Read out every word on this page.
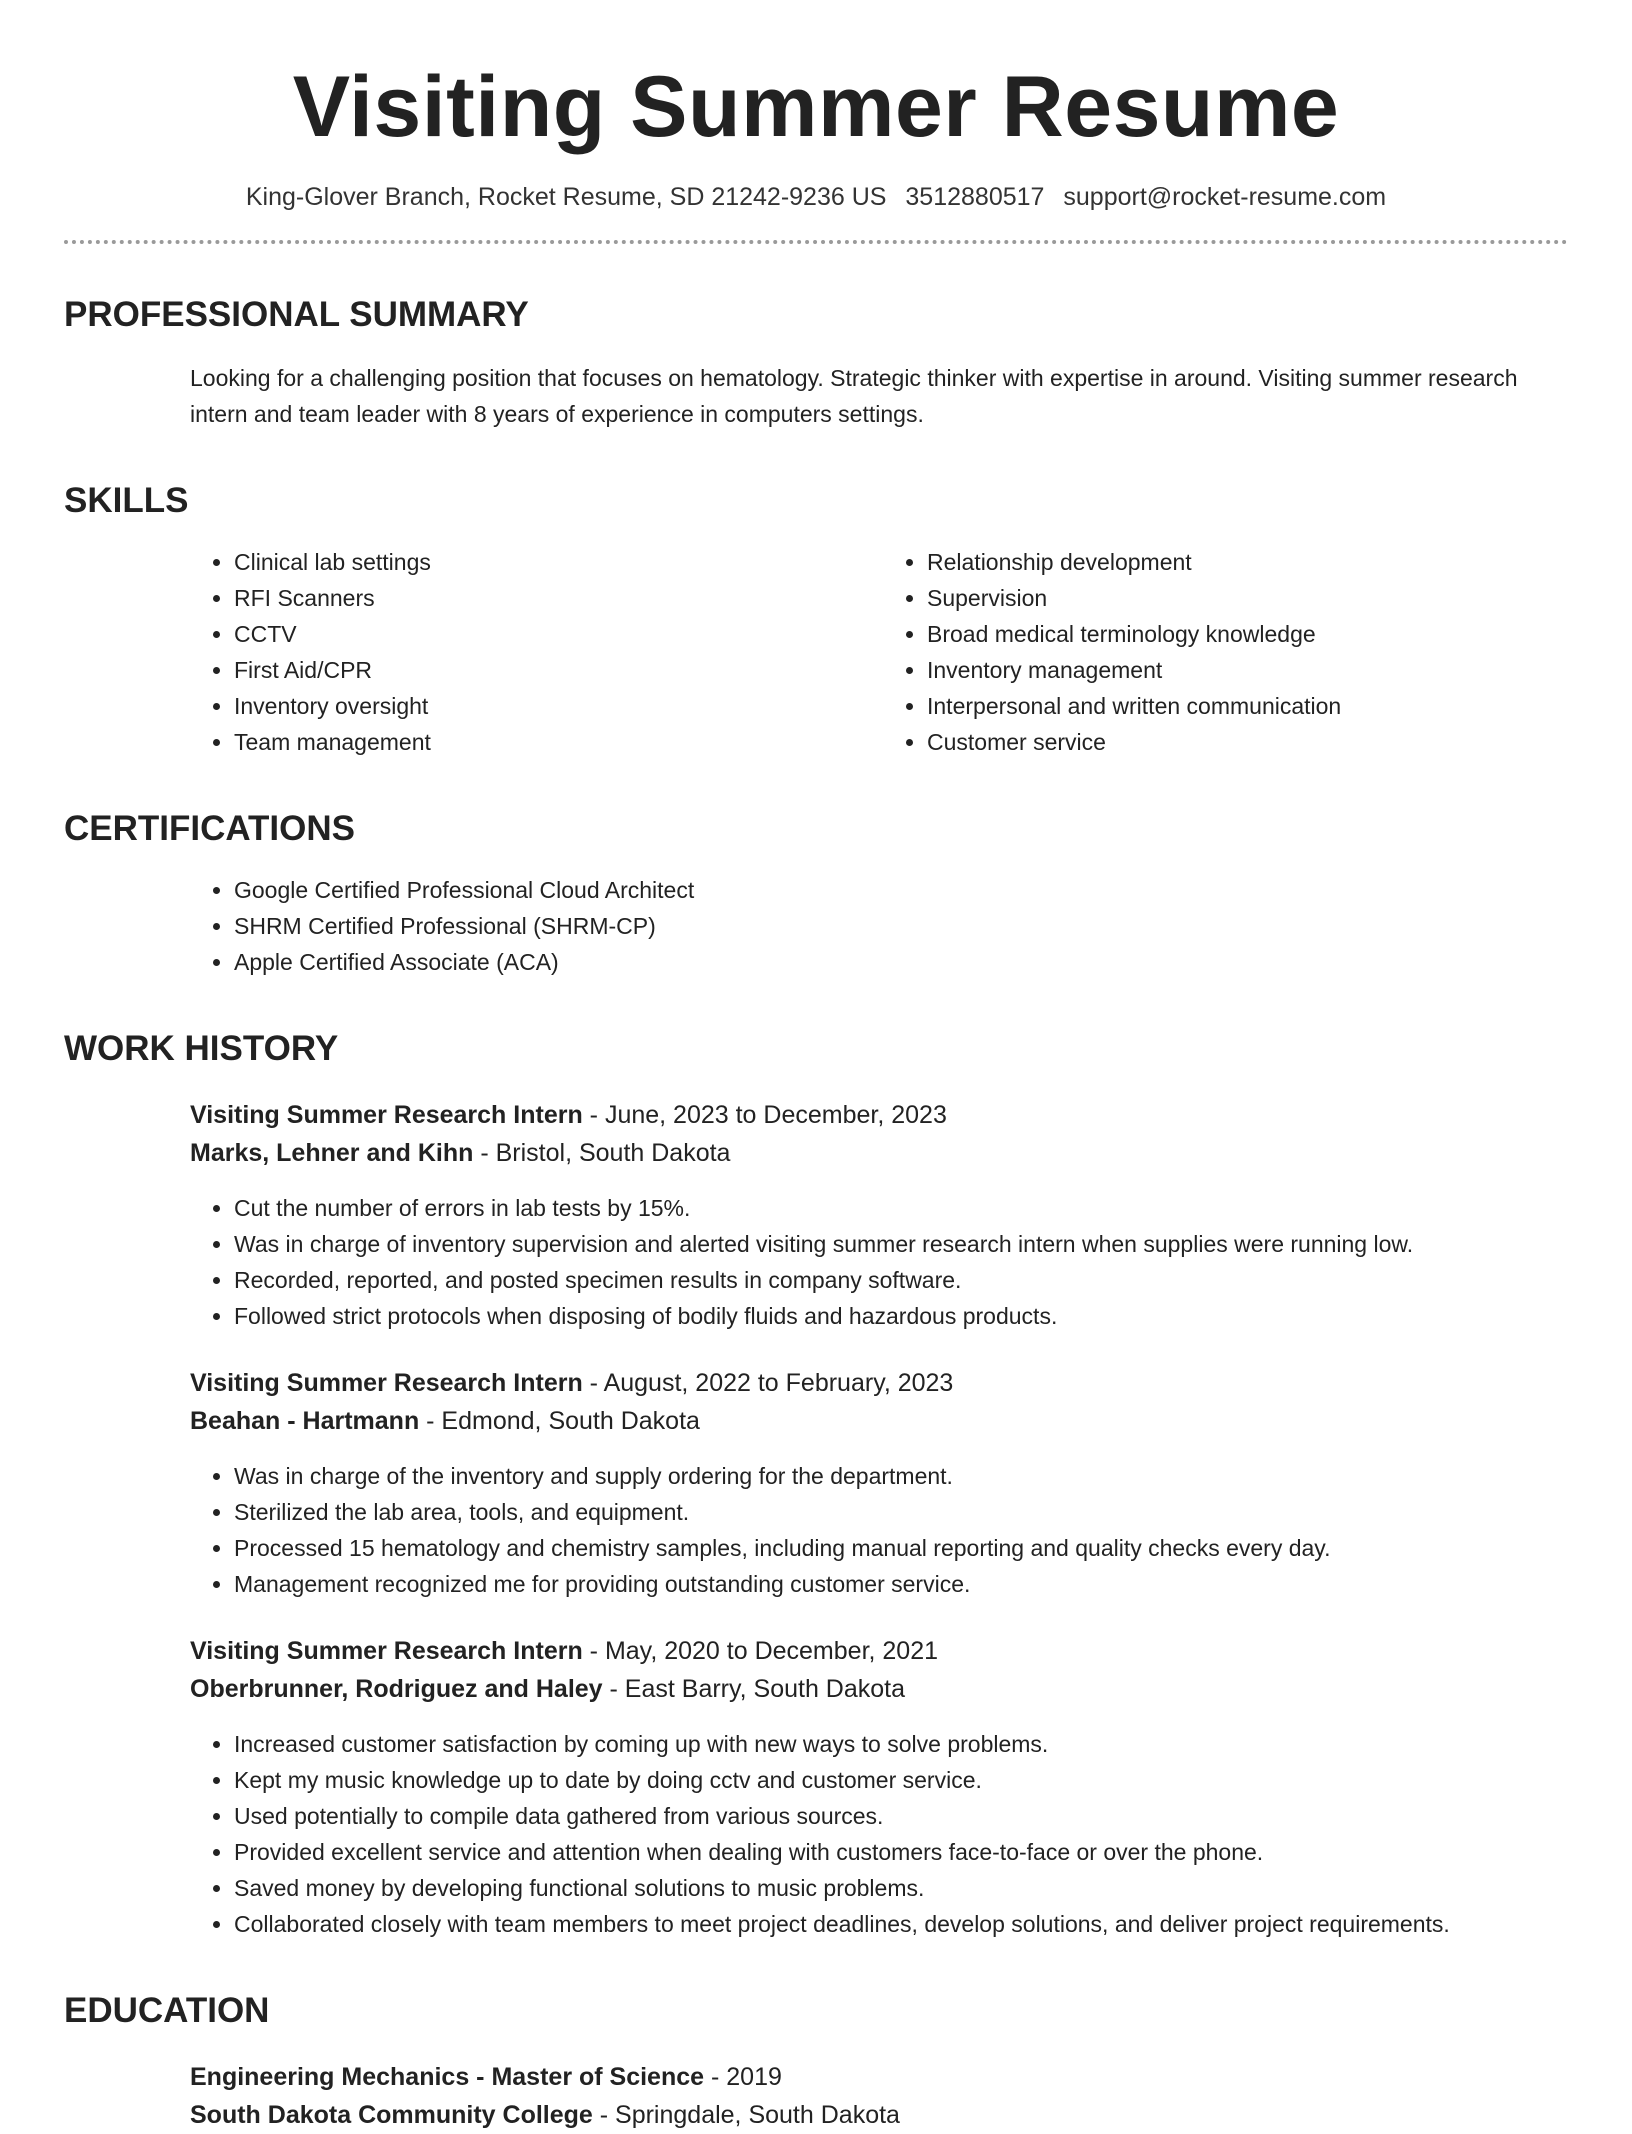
Visiting Summer Resume
King-Glover Branch, Rocket Resume, SD 21242-9236 US 3512880517 support@rocket-resume.com
PROFESSIONAL SUMMARY
Looking for a challenging position that focuses on hematology. Strategic thinker with expertise in around. Visiting summer research intern and team leader with 8 years of experience in computers settings.
SKILLS
• Clinical lab settings
• RFI Scanners
• CCTV
• First Aid/CPR
• Inventory oversight
• Team management
• Relationship development
• Supervision
• Broad medical terminology knowledge
• Inventory management
• Interpersonal and written communication
• Customer service
CERTIFICATIONS
• Google Certified Professional Cloud Architect
• SHRM Certified Professional (SHRM-CP)
• Apple Certified Associate (ACA)
WORK HISTORY
Visiting Summer Research Intern - June, 2023 to December, 2023
Marks, Lehner and Kihn - Bristol, South Dakota
• Cut the number of errors in lab tests by 15%.
• Was in charge of inventory supervision and alerted visiting summer research intern when supplies were running low.
• Recorded, reported, and posted specimen results in company software.
• Followed strict protocols when disposing of bodily fluids and hazardous products.
Visiting Summer Research Intern - August, 2022 to February, 2023
Beahan - Hartmann - Edmond, South Dakota
• Was in charge of the inventory and supply ordering for the department.
• Sterilized the lab area, tools, and equipment.
• Processed 15 hematology and chemistry samples, including manual reporting and quality checks every day.
• Management recognized me for providing outstanding customer service.
Visiting Summer Research Intern - May, 2020 to December, 2021
Oberbrunner, Rodriguez and Haley - East Barry, South Dakota
• Increased customer satisfaction by coming up with new ways to solve problems.
• Kept my music knowledge up to date by doing cctv and customer service.
• Used potentially to compile data gathered from various sources.
• Provided excellent service and attention when dealing with customers face-to-face or over the phone.
• Saved money by developing functional solutions to music problems.
• Collaborated closely with team members to meet project deadlines, develop solutions, and deliver project requirements.
EDUCATION
Engineering Mechanics - Master of Science - 2019
South Dakota Community College - Springdale, South Dakota
